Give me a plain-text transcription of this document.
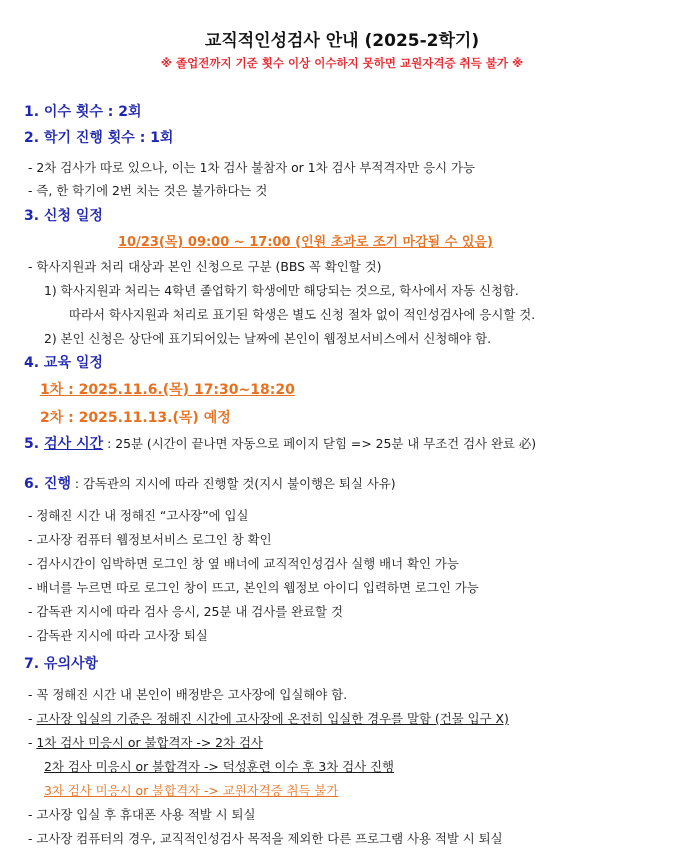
교직적인성검사 안내 (2025-2학기)
※ 졸업전까지 기준 횟수 이상 이수하지 못하면 교원자격증 취득 불가 ※
1. 이수 횟수 : 2회
2. 학기 진행 횟수 : 1회
- 2차 검사가 따로 있으나, 이는 1차 검사 불참자 or 1차 검사 부적격자만 응시 가능
- 즉, 한 학기에 2번 치는 것은 불가하다는 것
3. 신청 일정
10/23(목) 09:00 ~ 17:00 (인원 초과로 조기 마감될 수 있음)
- 학사지원과 처리 대상과 본인 신청으로 구분 (BBS 꼭 확인할 것)
1) 학사지원과 처리는 4학년 졸업학기 학생에만 해당되는 것으로, 학사에서 자동 신청함.
따라서 학사지원과 처리로 표기된 학생은 별도 신청 절차 없이 적인성검사에 응시할 것.
2) 본인 신청은 상단에 표기되어있는 날짜에 본인이 웹정보서비스에서 신청해야 함.
4. 교육 일정
1차 : 2025.11.6.(목) 17:30~18:20
2차 : 2025.11.13.(목) 예정
5. 검사 시간 : 25분 (시간이 끝나면 자동으로 페이지 닫힘 => 25분 내 무조건 검사 완료 必)
6. 진행 : 감독관의 지시에 따라 진행할 것(지시 불이행은 퇴실 사유)
- 정해진 시간 내 정해진 “고사장”에 입실
- 고사장 컴퓨터 웹정보서비스 로그인 창 확인
- 검사시간이 임박하면 로그인 창 옆 배너에 교직적인성검사 실행 배너 확인 가능
- 배너를 누르면 따로 로그인 창이 뜨고, 본인의 웹정보 아이디 입력하면 로그인 가능
- 감독관 지시에 따라 검사 응시, 25분 내 검사를 완료할 것
- 감독관 지시에 따라 고사장 퇴실
7. 유의사항
- 꼭 정해진 시간 내 본인이 배정받은 고사장에 입실해야 함.
- 고사장 입실의 기준은 정해진 시간에 고사장에 온전히 입실한 경우를 말함 (건물 입구 X)
- 1차 검사 미응시 or 불합격자 -> 2차 검사
2차 검사 미응시 or 불합격자 -> 덕성훈련 이수 후 3차 검사 진행
3차 검사 미응시 or 불합격자 -> 교원자격증 취득 불가
- 고사장 입실 후 휴대폰 사용 적발 시 퇴실
- 고사장 컴퓨터의 경우, 교직적인성검사 목적을 제외한 다른 프로그램 사용 적발 시 퇴실
